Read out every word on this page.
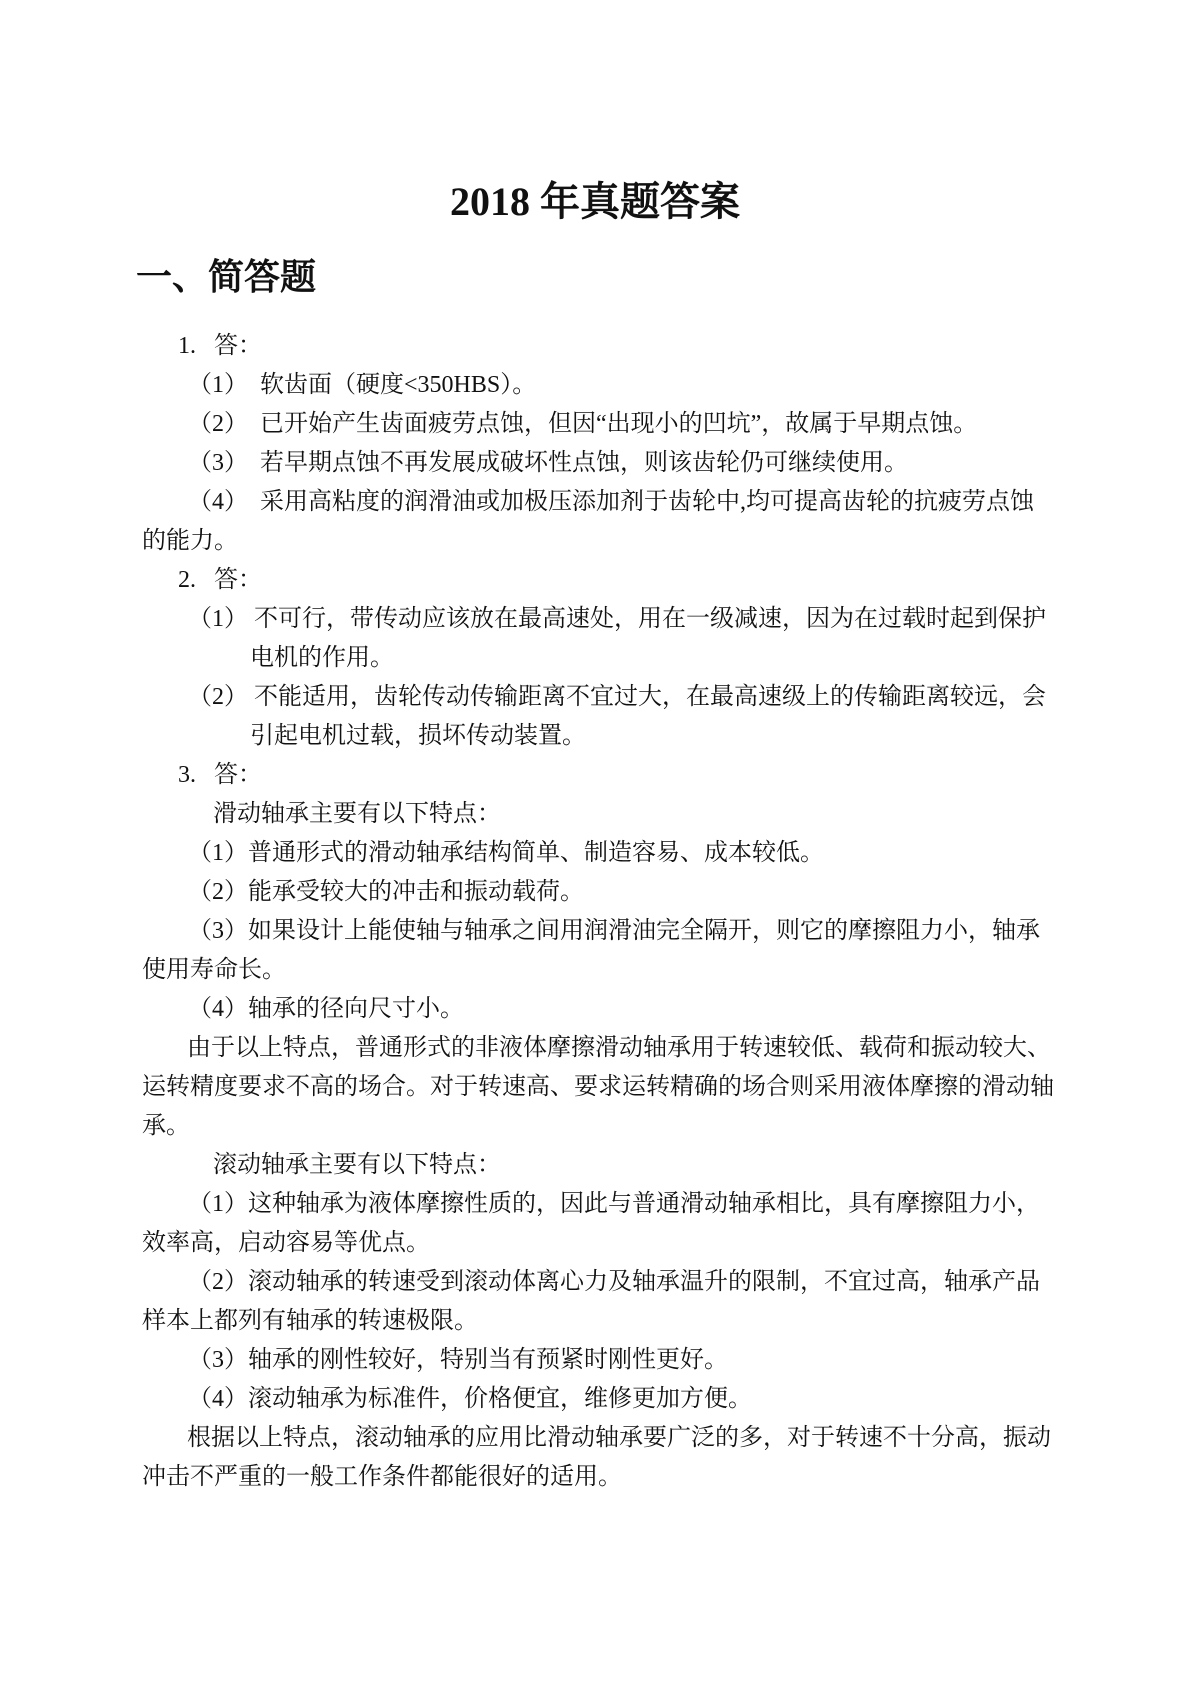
2018 年真题答案
一、简答题
1.   答：
（1）　软齿面（硬度<350HBS）。
（2）　已开始产生齿面疲劳点蚀，但因“出现小的凹坑”，故属于早期点蚀。
（3）　若早期点蚀不再发展成破坏性点蚀，则该齿轮仍可继续使用。
（4）　采用高粘度的润滑油或加极压添加剂于齿轮中,均可提高齿轮的抗疲劳点蚀
的能力。
2.   答：
（1） 不可行，带传动应该放在最高速处，用在一级减速，因为在过载时起到保护
电机的作用。
（2） 不能适用，齿轮传动传输距离不宜过大，在最高速级上的传输距离较远，会
引起电机过载，损坏传动装置。
3.   答：
滑动轴承主要有以下特点：
（1）普通形式的滑动轴承结构简单、制造容易、成本较低。
（2）能承受较大的冲击和振动载荷。
（3）如果设计上能使轴与轴承之间用润滑油完全隔开，则它的摩擦阻力小，轴承
使用寿命长。
（4）轴承的径向尺寸小。
由于以上特点，普通形式的非液体摩擦滑动轴承用于转速较低、载荷和振动较大、
运转精度要求不高的场合。对于转速高、要求运转精确的场合则采用液体摩擦的滑动轴
承。
滚动轴承主要有以下特点：
（1）这种轴承为液体摩擦性质的，因此与普通滑动轴承相比，具有摩擦阻力小，
效率高，启动容易等优点。
（2）滚动轴承的转速受到滚动体离心力及轴承温升的限制，不宜过高，轴承产品
样本上都列有轴承的转速极限。
（3）轴承的刚性较好，特别当有预紧时刚性更好。
（4）滚动轴承为标准件，价格便宜，维修更加方便。
根据以上特点，滚动轴承的应用比滑动轴承要广泛的多，对于转速不十分高，振动
冲击不严重的一般工作条件都能很好的适用。
